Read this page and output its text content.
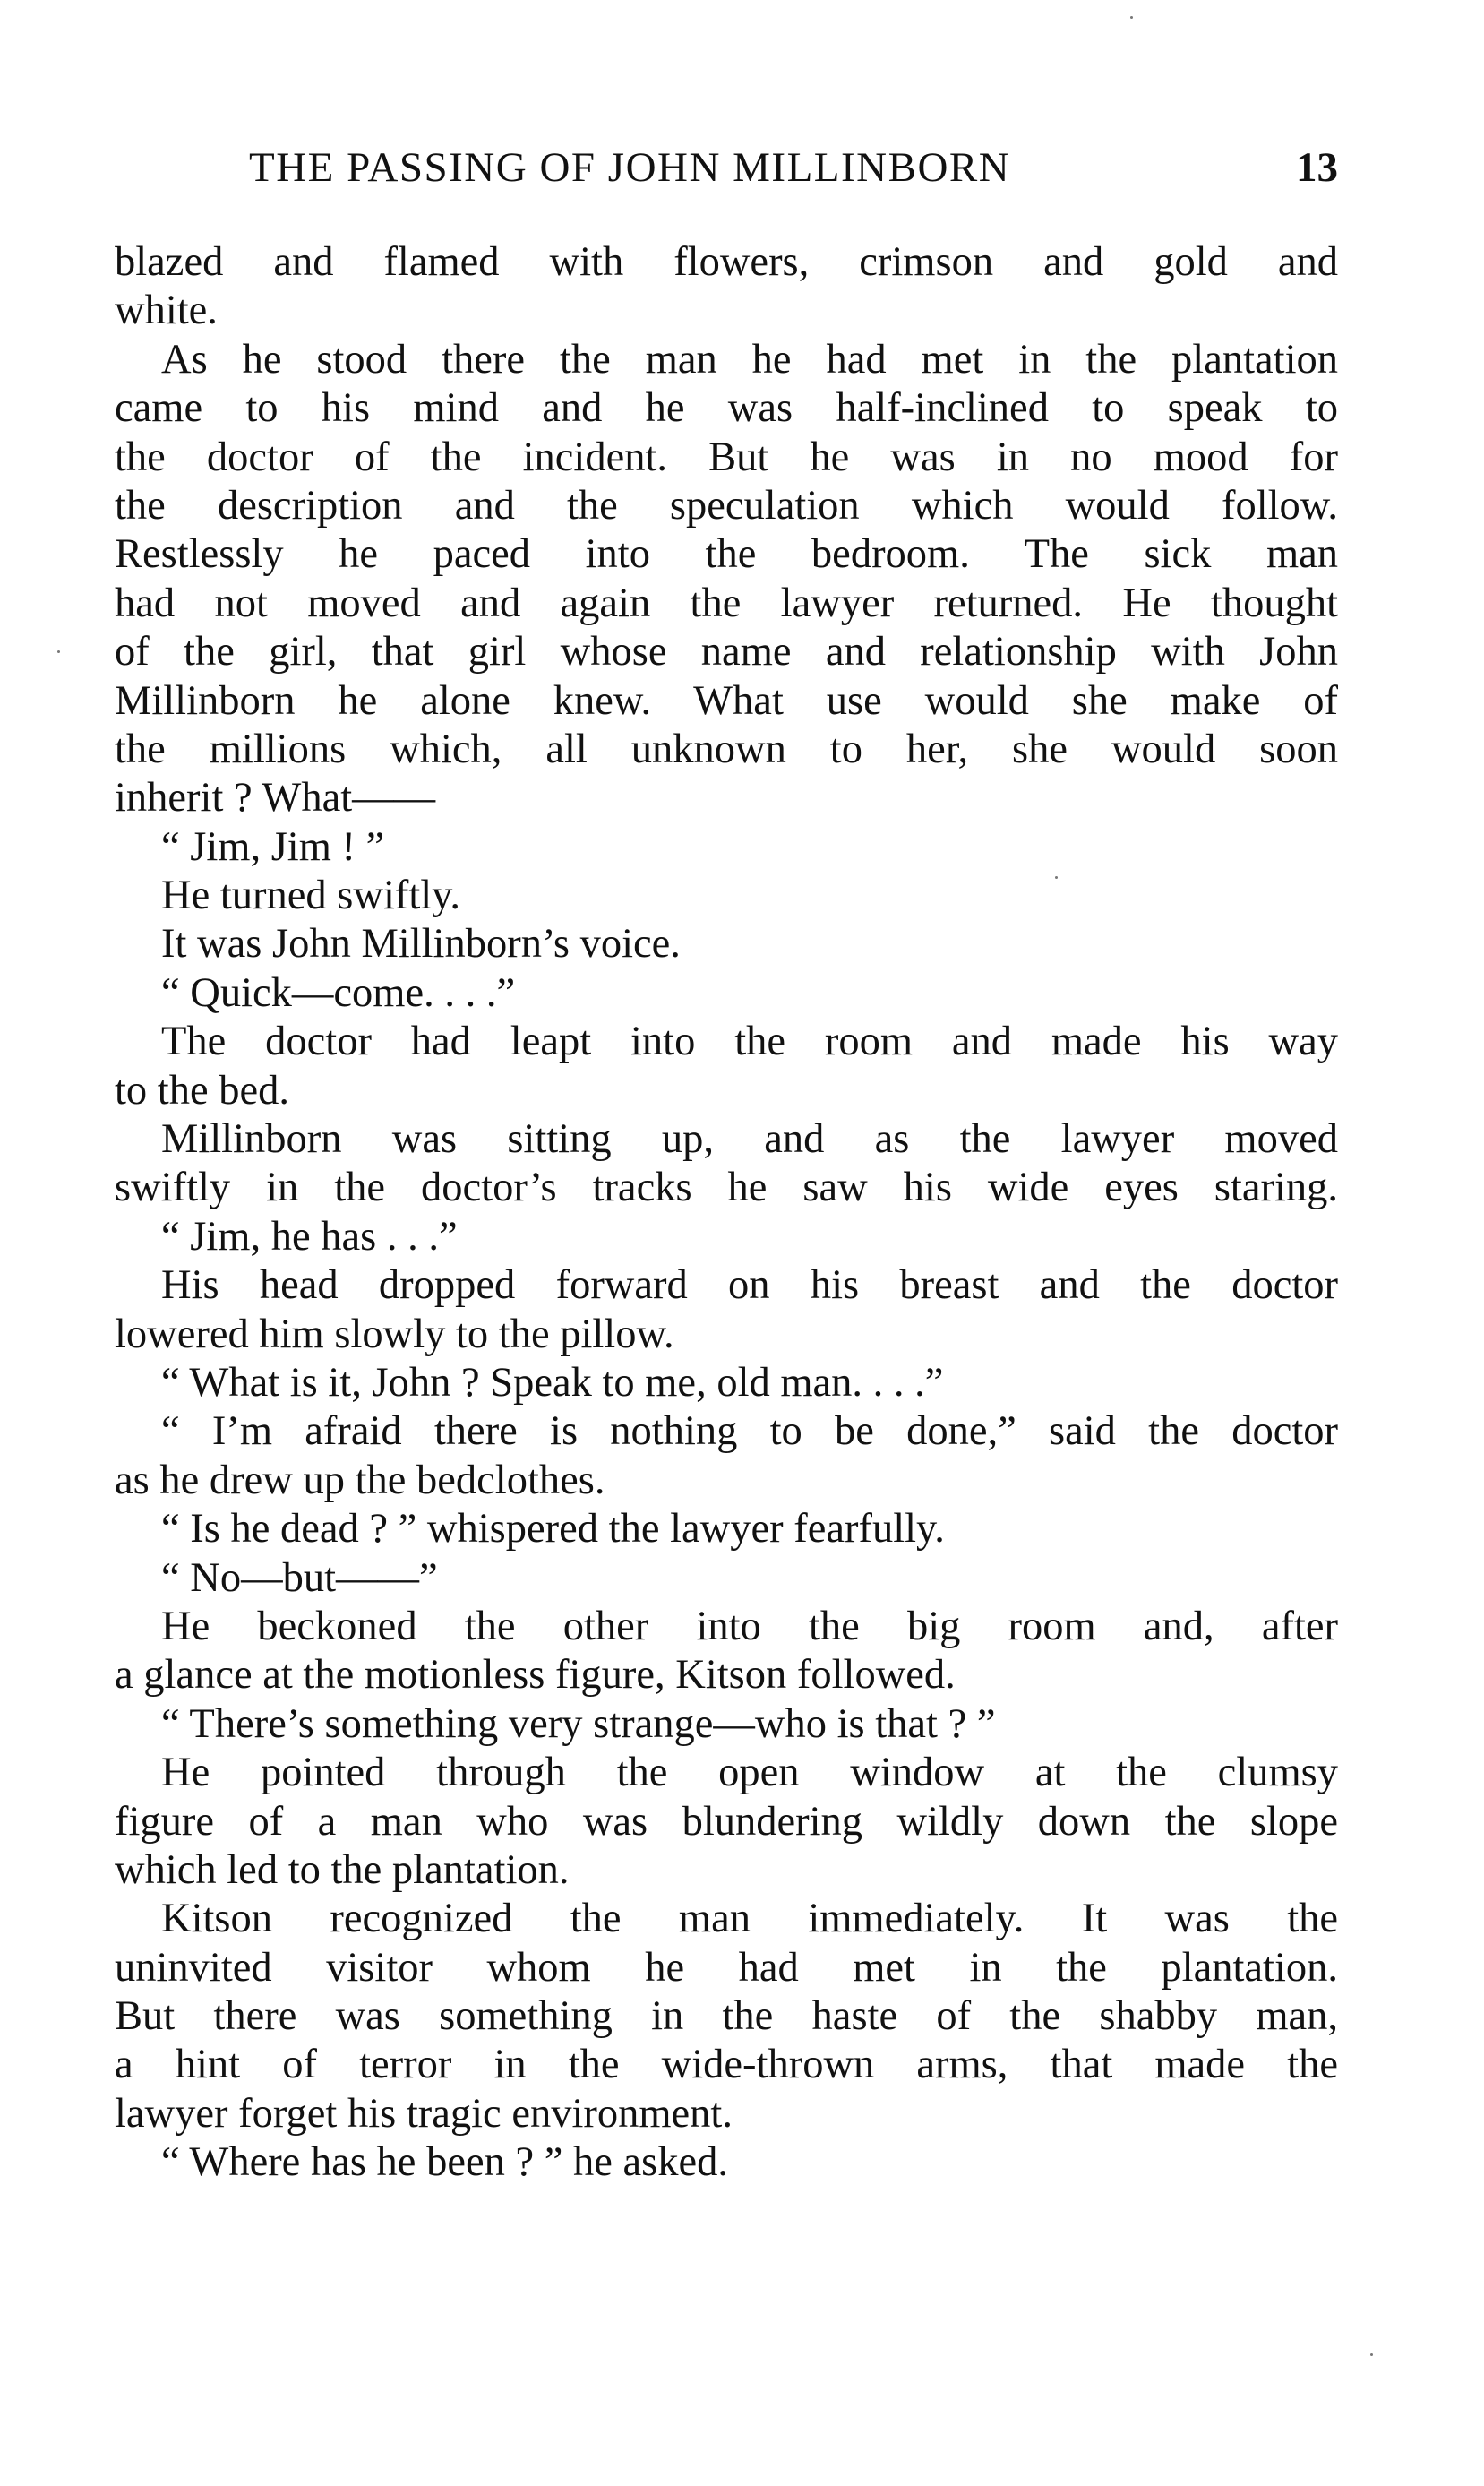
THE PASSING OF JOHN MILLINBORN	13
blazed and flamed with flowers, crimson and gold and
white.
As he stood there the man he had met in the plantation
came to his mind and he was half-inclined to speak to
the doctor of the incident. But he was in no mood for
the description and the speculation which would follow.
Restlessly he paced into the bedroom. The sick man
had not moved and again the lawyer returned. He thought
of the girl, that girl whose name and relationship with John
Millinborn he alone knew. What use would she make of
the millions which, all unknown to her, she would soon
inherit ? What——
“ Jim, Jim ! ”
He turned swiftly.
It was John Millinborn’s voice.
“ Quick—come. . . .”
The doctor had leapt into the room and made his way
to the bed.
Millinborn was sitting up, and as the lawyer moved
swiftly in the doctor’s tracks he saw his wide eyes staring.
“ Jim, he has . . .”
His head dropped forward on his breast and the doctor
lowered him slowly to the pillow.
“ What is it, John ? Speak to me, old man. . . .”
“ I’m afraid there is nothing to be done,” said the doctor
as he drew up the bedclothes.
“ Is he dead ? ” whispered the lawyer fearfully.
“ No—but——”
He beckoned the other into the big room and, after
a glance at the motionless figure, Kitson followed.
“ There’s something very strange—who is that ? ”
He pointed through the open window at the clumsy
figure of a man who was blundering wildly down the slope
which led to the plantation.
Kitson recognized the man immediately. It was the
uninvited visitor whom he had met in the plantation.
But there was something in the haste of the shabby man,
a hint of terror in the wide-thrown arms, that made the
lawyer forget his tragic environment.
“ Where has he been ? ” he asked.
